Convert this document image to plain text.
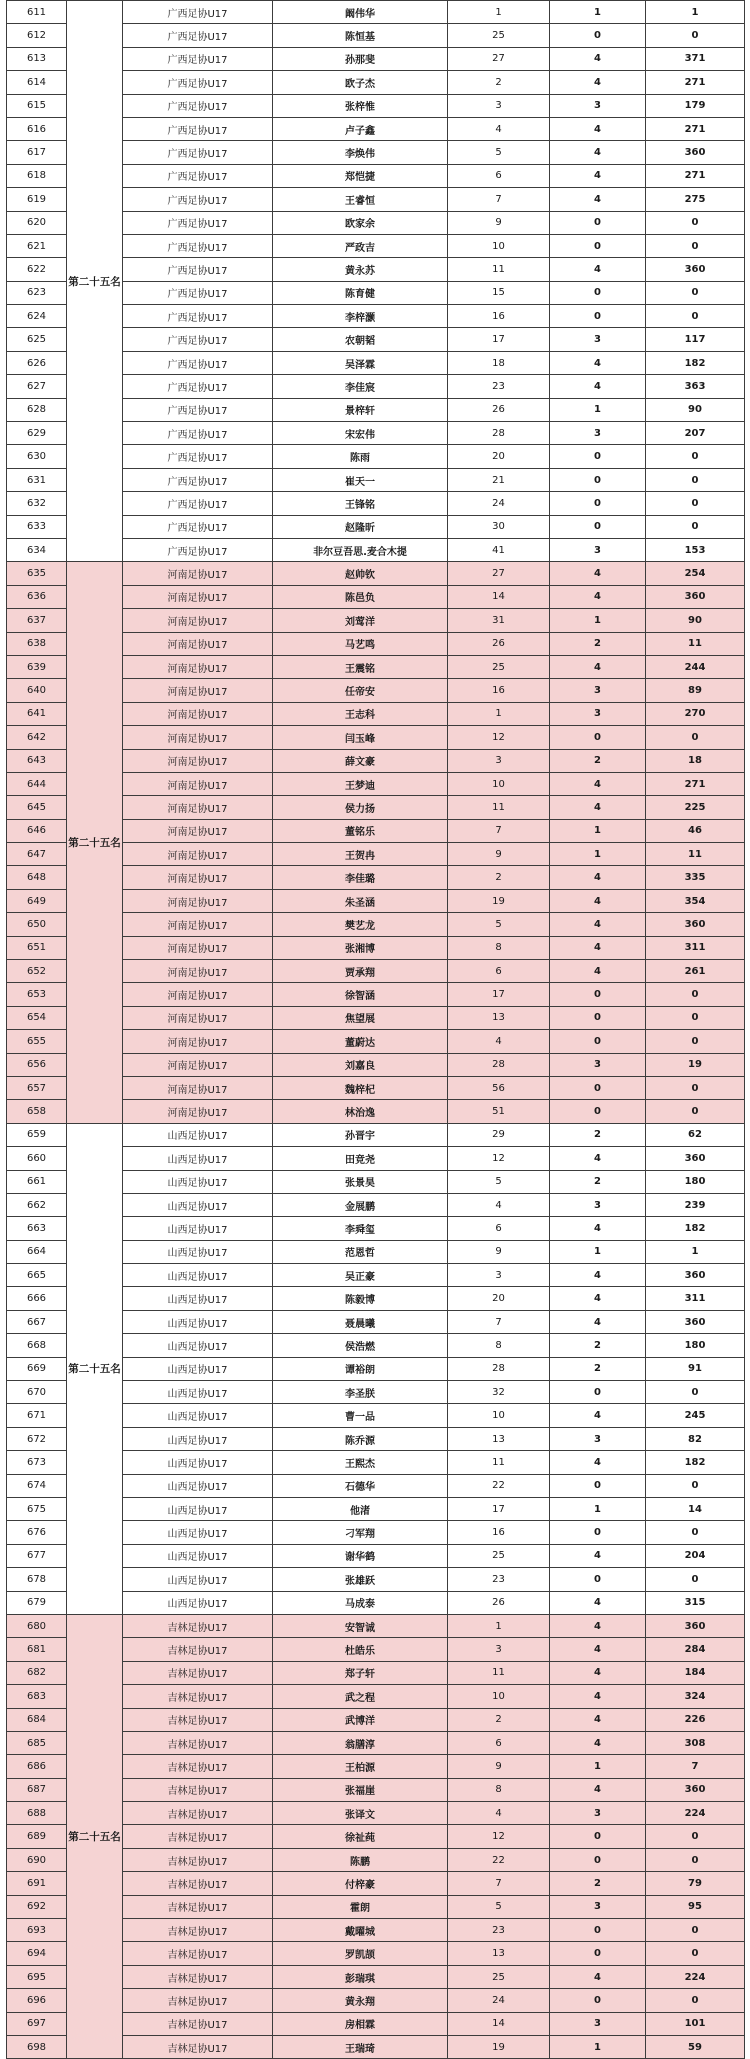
611	第二十五名	广西足协U17	阚伟华	1	1	1
612		广西足协U17	陈恒基	25	0	0
613		广西足协U17	孙那斐	27	4	371
614		广西足协U17	欧子杰	2	4	271
615		广西足协U17	张梓惟	3	3	179
616		广西足协U17	卢子鑫	4	4	271
617		广西足协U17	李焕伟	5	4	360
618		广西足协U17	郑恺捷	6	4	271
619		广西足协U17	王睿恒	7	4	275
620		广西足协U17	欧家余	9	0	0
621		广西足协U17	严政吉	10	0	0
622		广西足协U17	黄永苏	11	4	360
623		广西足协U17	陈育健	15	0	0
624		广西足协U17	李梓灏	16	0	0
625		广西足协U17	农朝韬	17	3	117
626		广西足协U17	吴泽霖	18	4	182
627		广西足协U17	李佳宸	23	4	363
628		广西足协U17	景梓轩	26	1	90
629		广西足协U17	宋宏伟	28	3	207
630		广西足协U17	陈雨	20	0	0
631		广西足协U17	崔天一	21	0	0
632		广西足协U17	王锋铭	24	0	0
633		广西足协U17	赵隆昕	30	0	0
634		广西足协U17	非尔豆吾思.麦合木提	41	3	153
635	第二十五名	河南足协U17	赵帅钦	27	4	254
636		河南足协U17	陈邑负	14	4	360
637		河南足协U17	刘莺洋	31	1	90
638		河南足协U17	马艺鸣	26	2	11
639		河南足协U17	王震铭	25	4	244
640		河南足协U17	任帝安	16	3	89
641		河南足协U17	王志科	1	3	270
642		河南足协U17	闫玉峰	12	0	0
643		河南足协U17	薛文豪	3	2	18
644		河南足协U17	王梦迪	10	4	271
645		河南足协U17	侯力扬	11	4	225
646		河南足协U17	董铭乐	7	1	46
647		河南足协U17	王贺冉	9	1	11
648		河南足协U17	李佳璐	2	4	335
649		河南足协U17	朱圣涵	19	4	354
650		河南足协U17	樊艺龙	5	4	360
651		河南足协U17	张湘博	8	4	311
652		河南足协U17	贾承翔	6	4	261
653		河南足协U17	徐智涵	17	0	0
654		河南足协U17	焦望展	13	0	0
655		河南足协U17	董蔚达	4	0	0
656		河南足协U17	刘嘉良	28	3	19
657		河南足协U17	魏梓杞	56	0	0
658		河南足协U17	林治逸	51	0	0
659	第二十五名	山西足协U17	孙晋宇	29	2	62
660		山西足协U17	田竞尧	12	4	360
661		山西足协U17	张景昊	5	2	180
662		山西足协U17	金展鹏	4	3	239
663		山西足协U17	李舜玺	6	4	182
664		山西足协U17	范恩哲	9	1	1
665		山西足协U17	吴正豪	3	4	360
666		山西足协U17	陈毅博	20	4	311
667		山西足协U17	聂晨曦	7	4	360
668		山西足协U17	侯浩燃	8	2	180
669		山西足协U17	谭裕朗	28	2	91
670		山西足协U17	李圣朕	32	0	0
671		山西足协U17	曹一品	10	4	245
672		山西足协U17	陈乔源	13	3	82
673		山西足协U17	王熙杰	11	4	182
674		山西足协U17	石德华	22	0	0
675		山西足协U17	他渚	17	1	14
676		山西足协U17	刁军翔	16	0	0
677		山西足协U17	谢华鹤	25	4	204
678		山西足协U17	张雄跃	23	0	0
679		山西足协U17	马成泰	26	4	315
680	第二十五名	吉林足协U17	安智诚	1	4	360
681		吉林足协U17	杜皓乐	3	4	284
682		吉林足协U17	郑子轩	11	4	184
683		吉林足协U17	武之程	10	4	324
684		吉林足协U17	武博洋	2	4	226
685		吉林足协U17	翁膳淳	6	4	308
686		吉林足协U17	王柏源	9	1	7
687		吉林足协U17	张福崖	8	4	360
688		吉林足协U17	张译文	4	3	224
689		吉林足协U17	徐祉莼	12	0	0
690		吉林足协U17	陈鹏	22	0	0
691		吉林足协U17	付梓豪	7	2	79
692		吉林足协U17	霍朗	5	3	95
693		吉林足协U17	戴曜城	23	0	0
694		吉林足协U17	罗凯颉	13	0	0
695		吉林足协U17	彭瑞琪	25	4	224
696		吉林足协U17	黄永翔	24	0	0
697		吉林足协U17	房相霖	14	3	101
698		吉林足协U17	王瑞琦	19	1	59
